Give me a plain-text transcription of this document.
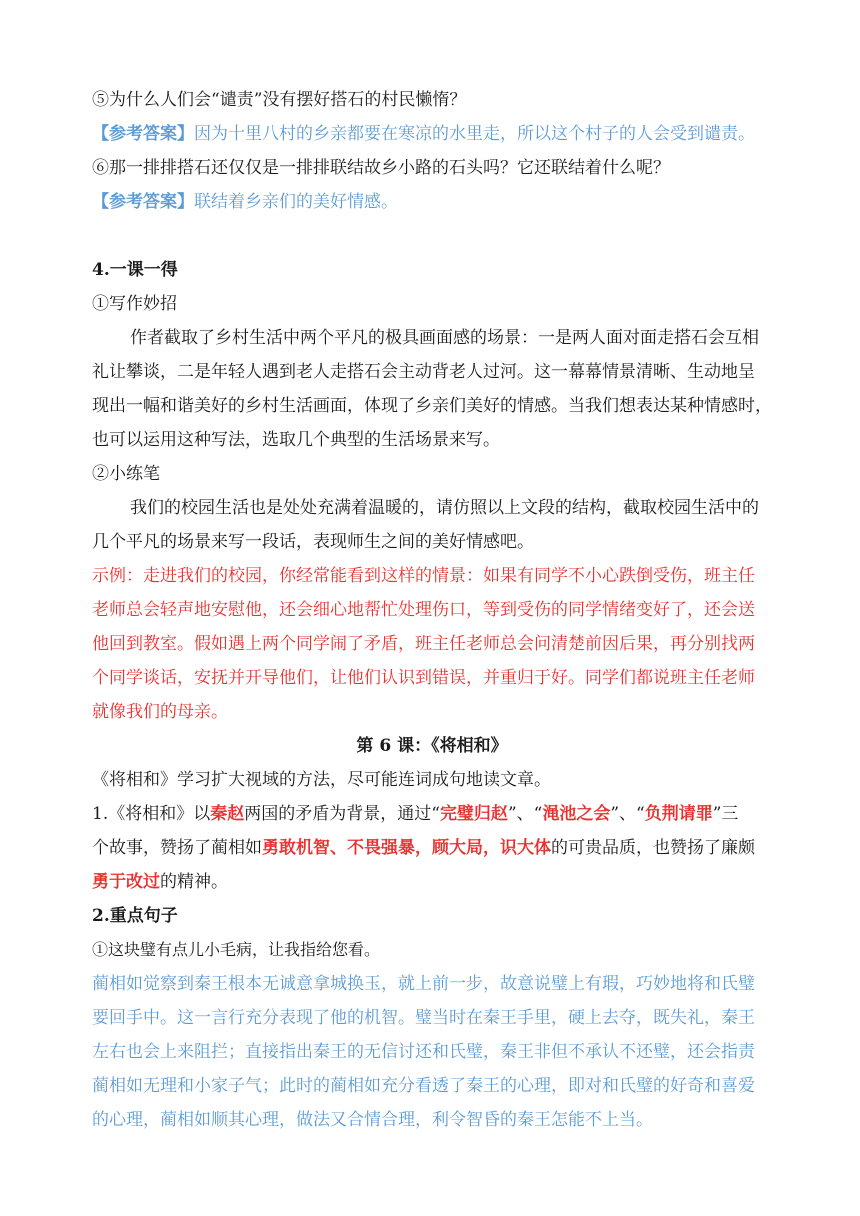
⑤为什么人们会“谴责”没有摆好搭石的村民懒惰？
【参考答案】因为十里八村的乡亲都要在寒凉的水里走，所以这个村子的人会受到谴责。
⑥那一排排搭石还仅仅是一排排联结故乡小路的石头吗？它还联结着什么呢？
【参考答案】联结着乡亲们的美好情感。
4.一课一得
①写作妙招
作者截取了乡村生活中两个平凡的极具画面感的场景：一是两人面对面走搭石会互相
礼让攀谈，二是年轻人遇到老人走搭石会主动背老人过河。这一幕幕情景清晰、生动地呈
现出一幅和谐美好的乡村生活画面，体现了乡亲们美好的情感。当我们想表达某种情感时，
也可以运用这种写法，选取几个典型的生活场景来写。
②小练笔
我们的校园生活也是处处充满着温暖的，请仿照以上文段的结构，截取校园生活中的
几个平凡的场景来写一段话，表现师生之间的美好情感吧。
示例：走进我们的校园，你经常能看到这样的情景：如果有同学不小心跌倒受伤，班主任
老师总会轻声地安慰他，还会细心地帮忙处理伤口，等到受伤的同学情绪变好了，还会送
他回到教室。假如遇上两个同学闹了矛盾，班主任老师总会问清楚前因后果，再分别找两
个同学谈话，安抚并开导他们，让他们认识到错误，并重归于好。同学们都说班主任老师
就像我们的母亲。
第 6 课：《将相和》
《将相和》学习扩大视域的方法，尽可能连词成句地读文章。
1.《将相和》以秦赵两国的矛盾为背景，通过“完璧归赵”、“渑池之会”、“负荆请罪”三
个故事，赞扬了蔺相如勇敢机智、不畏强暴，顾大局，识大体的可贵品质，也赞扬了廉颇
勇于改过的精神。
2.重点句子
①这块璧有点儿小毛病，让我指给您看。
蔺相如觉察到秦王根本无诚意拿城换玉，就上前一步，故意说璧上有瑕，巧妙地将和氏璧
要回手中。这一言行充分表现了他的机智。璧当时在秦王手里，硬上去夺，既失礼，秦王
左右也会上来阻拦；直接指出秦王的无信讨还和氏璧，秦王非但不承认不还璧，还会指责
蔺相如无理和小家子气；此时的蔺相如充分看透了秦王的心理，即对和氏璧的好奇和喜爱
的心理，蔺相如顺其心理，做法又合情合理，利令智昏的秦王怎能不上当。
